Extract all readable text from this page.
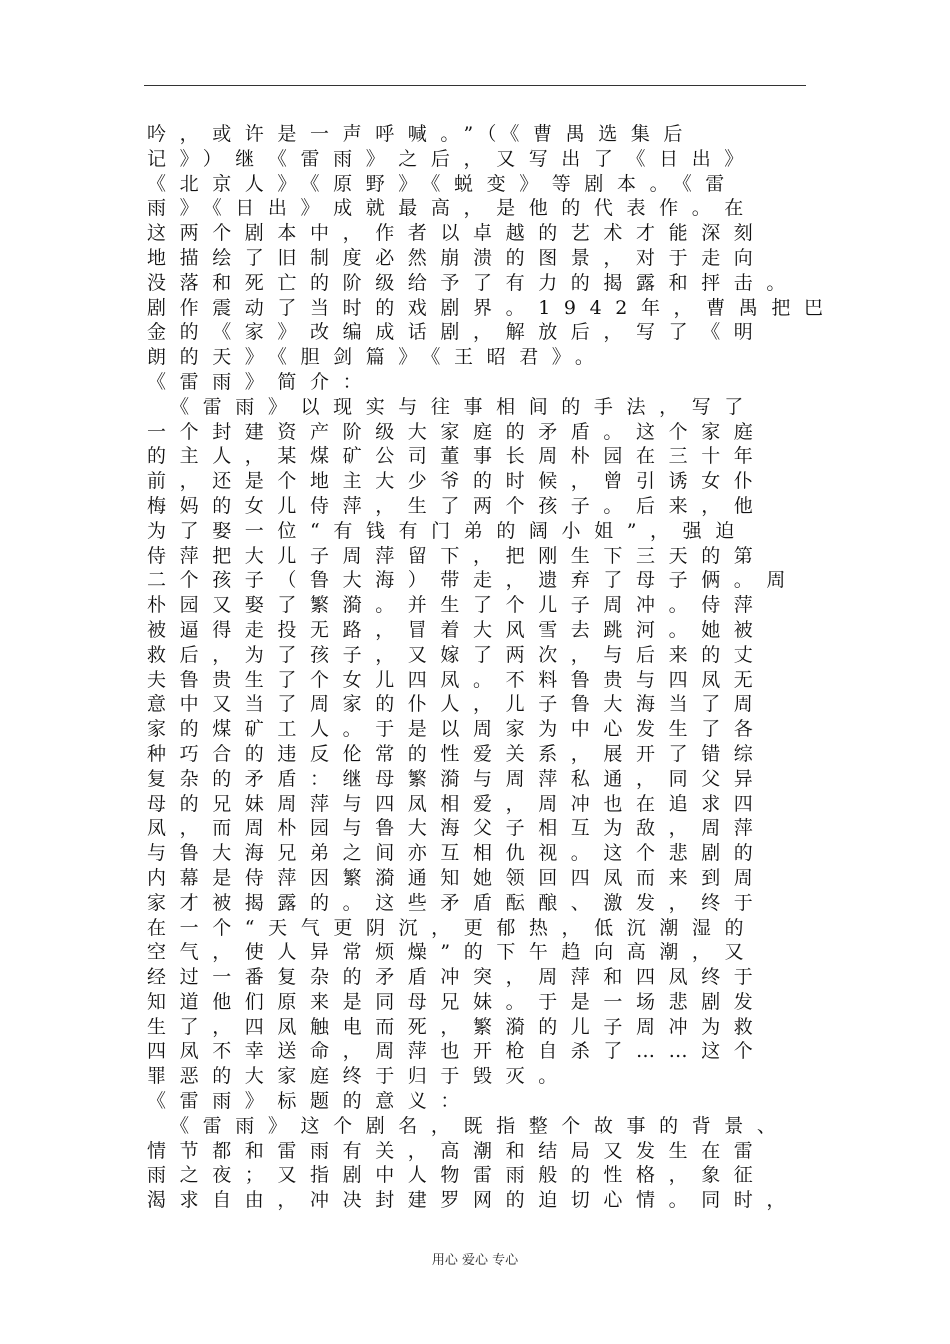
吟，或许是一声呼喊。”（《曹禺选集后
记》）继《雷雨》之后，又写出了《日出》
《北京人》《原野》《蜕变》等剧本。《雷
雨》《日出》成就最高，是他的代表作。在
这两个剧本中，作者以卓越的艺术才能深刻
地描绘了旧制度必然崩溃的图景，对于走向
没落和死亡的阶级给予了有力的揭露和抨击。
剧作震动了当时的戏剧界。1942年，曹禺把巴
金的《家》改编成话剧，解放后，写了《明
朗的天》《胆剑篇》《王昭君》。
《雷雨》简介：
　《雷雨》以现实与往事相间的手法，写了
一个封建资产阶级大家庭的矛盾。这个家庭
的主人，某煤矿公司董事长周朴园在三十年
前，还是个地主大少爷的时候，曾引诱女仆
梅妈的女儿侍萍，生了两个孩子。后来，他
为了娶一位“有钱有门弟的阔小姐”，强迫
侍萍把大儿子周萍留下，把刚生下三天的第
二个孩子（鲁大海）带走，遗弃了母子俩。周
朴园又娶了繁漪。并生了个儿子周冲。侍萍
被逼得走投无路，冒着大风雪去跳河。她被
救后，为了孩子，又嫁了两次，与后来的丈
夫鲁贵生了个女儿四凤。不料鲁贵与四凤无
意中又当了周家的仆人，儿子鲁大海当了周
家的煤矿工人。于是以周家为中心发生了各
种巧合的违反伦常的性爱关系，展开了错综
复杂的矛盾：继母繁漪与周萍私通，同父异
母的兄妹周萍与四凤相爱，周冲也在追求四
凤，而周朴园与鲁大海父子相互为敌，周萍
与鲁大海兄弟之间亦互相仇视。这个悲剧的
内幕是侍萍因繁漪通知她领回四凤而来到周
家才被揭露的。这些矛盾酝酿、激发，终于
在一个“天气更阴沉，更郁热，低沉潮湿的
空气，使人异常烦燥”的下午趋向高潮，又
经过一番复杂的矛盾冲突，周萍和四凤终于
知道他们原来是同母兄妹。于是一场悲剧发
生了，四凤触电而死，繁漪的儿子周冲为救
四凤不幸送命，周萍也开枪自杀了……这个
罪恶的大家庭终于归于毁灭。
《雷雨》标题的意义：
　《雷雨》这个剧名，既指整个故事的背景、
情节都和雷雨有关，高潮和结局又发生在雷
雨之夜；又指剧中人物雷雨般的性格，象征
渴求自由，冲决封建罗网的迫切心情。同时，
用心 爱心 专心
